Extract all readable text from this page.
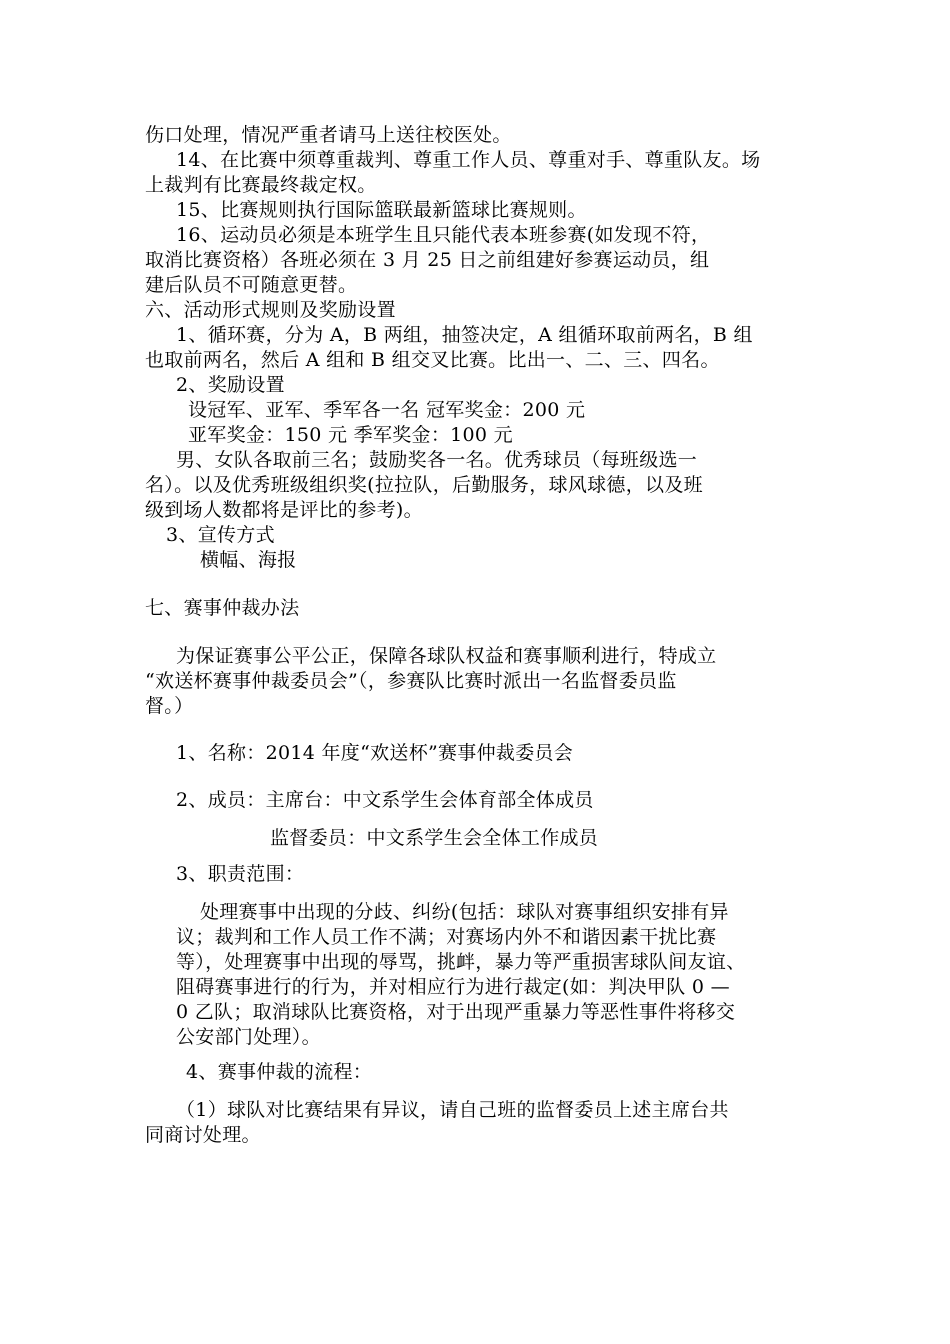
伤口处理，情况严重者请马上送往校医处。
14、在比赛中须尊重裁判、尊重工作人员、尊重对手、尊重队友。场
上裁判有比赛最终裁定权。
15、比赛规则执行国际篮联最新篮球比赛规则。
16、运动员必须是本班学生且只能代表本班参赛(如发现不符，
取消比赛资格）各班必须在 3 月 25 日之前组建好参赛运动员，组
建后队员不可随意更替。
六、活动形式规则及奖励设置
1、循环赛，分为 A，B 两组，抽签决定，A 组循环取前两名，B 组
也取前两名，然后 A 组和 B 组交叉比赛。比出一、二、三、四名。
2、奖励设置
设冠军、亚军、季军各一名 冠军奖金：200 元
亚军奖金：150 元 季军奖金：100 元
男、女队各取前三名；鼓励奖各一名。优秀球员（每班级选一
名）。以及优秀班级组织奖(拉拉队，后勤服务，球风球德，以及班
级到场人数都将是评比的参考)。
3、宣传方式
横幅、海报
七、赛事仲裁办法
为保证赛事公平公正，保障各球队权益和赛事顺利进行，特成立
“欢送杯赛事仲裁委员会”（，参赛队比赛时派出一名监督委员监
督。）
1、名称：2014 年度“欢送杯”赛事仲裁委员会
2、成员：主席台：中文系学生会体育部全体成员
监督委员：中文系学生会全体工作成员
3、职责范围：
处理赛事中出现的分歧、纠纷(包括：球队对赛事组织安排有异
议；裁判和工作人员工作不满；对赛场内外不和谐因素干扰比赛
等），处理赛事中出现的辱骂，挑衅，暴力等严重损害球队间友谊、
阻碍赛事进行的行为，并对相应行为进行裁定(如：判决甲队 0 —
0 乙队；取消球队比赛资格，对于出现严重暴力等恶性事件将移交
公安部门处理）。
4、赛事仲裁的流程：
（1）球队对比赛结果有异议，请自己班的监督委员上述主席台共
同商讨处理。
